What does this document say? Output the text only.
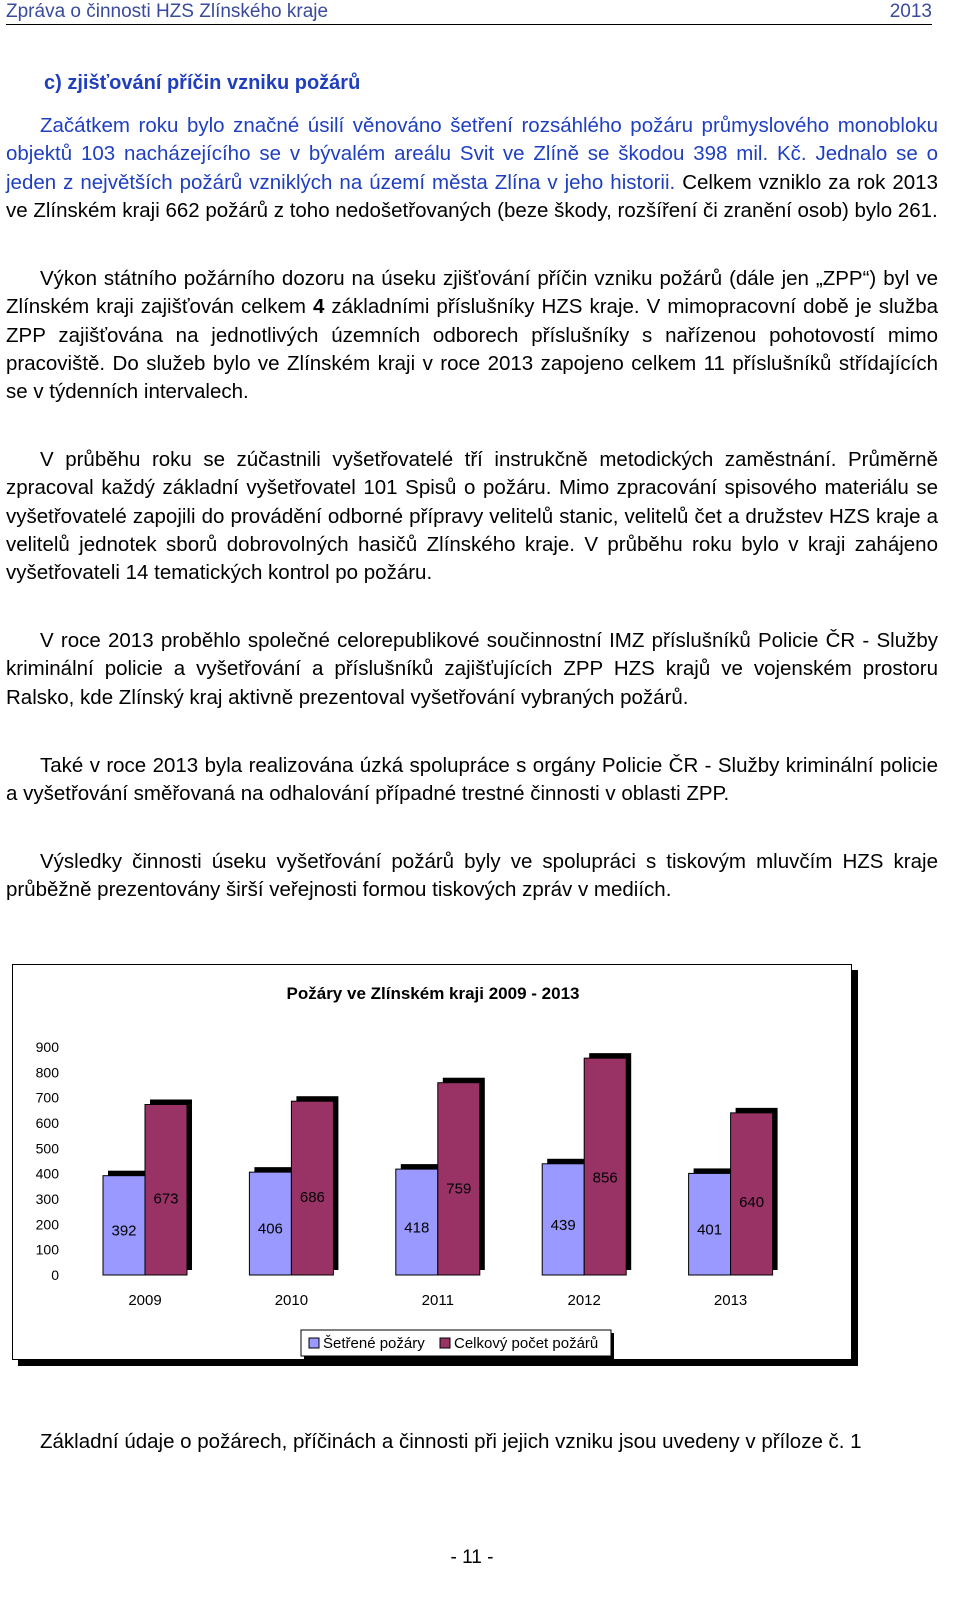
Zpráva o činnosti HZS Zlínského kraje	2013
c) zjišťování příčin vzniku požárů

Začátkem roku bylo značné úsilí věnováno šetření rozsáhlého požáru průmyslového monobloku objektů 103 nacházejícího se v bývalém areálu Svit ve Zlíně se škodou 398 mil. Kč. Jednalo se o jeden z největších požárů vzniklých na území města Zlína v jeho historii. Celkem vzniklo za rok 2013 ve Zlínském kraji 662 požárů z toho nedošetřovaných (beze škody, rozšíření či zranění osob) bylo 261.

Výkon státního požárního dozoru na úseku zjišťování příčin vzniku požárů (dále jen „ZPP“) byl ve Zlínském kraji zajišťován celkem 4 základními příslušníky HZS kraje. V mimopracovní době je služba ZPP zajišťována na jednotlivých územních odborech příslušníky s nařízenou pohotovostí mimo pracoviště. Do služeb bylo ve Zlínském kraji v roce 2013 zapojeno celkem 11 příslušníků střídajících se v týdenních intervalech.

V průběhu roku se zúčastnili vyšetřovatelé tří instrukčně metodických zaměstnání. Průměrně zpracoval každý základní vyšetřovatel 101 Spisů o požáru. Mimo zpracování spisového materiálu se vyšetřovatelé zapojili do provádění odborné přípravy velitelů stanic, velitelů čet a družstev HZS kraje a velitelů jednotek sborů dobrovolných hasičů Zlínského kraje. V průběhu roku bylo v kraji zahájeno vyšetřovateli 14 tematických kontrol po požáru.

V roce 2013 proběhlo společné celorepublikové součinnostní IMZ příslušníků Policie ČR - Služby kriminální policie a vyšetřování a příslušníků zajišťujících ZPP HZS krajů ve vojenském prostoru Ralsko, kde Zlínský kraj aktivně prezentoval vyšetřování vybraných požárů.

Také v roce 2013 byla realizována úzká spolupráce s orgány Policie ČR - Služby kriminální policie a vyšetřování směřovaná na odhalování případné trestné činnosti v oblasti ZPP.

Výsledky činnosti úseku vyšetřování požárů byly ve spolupráci s tiskovým mluvčím HZS kraje průběžně prezentovány širší veřejnosti formou tiskových zpráv v mediích.

Požáry ve Zlínském kraji 2009 - 2013
0
100
200
300
400
500
600
700
800
900
392
673
2009
406
686
2010
418
759
2011
439
856
2012
401
640
2013
Šetřené požáry Celkový počet požárů

Základní údaje o požárech, příčinách a činnosti při jejich vzniku jsou uvedeny v příloze č. 1

- 11 -
